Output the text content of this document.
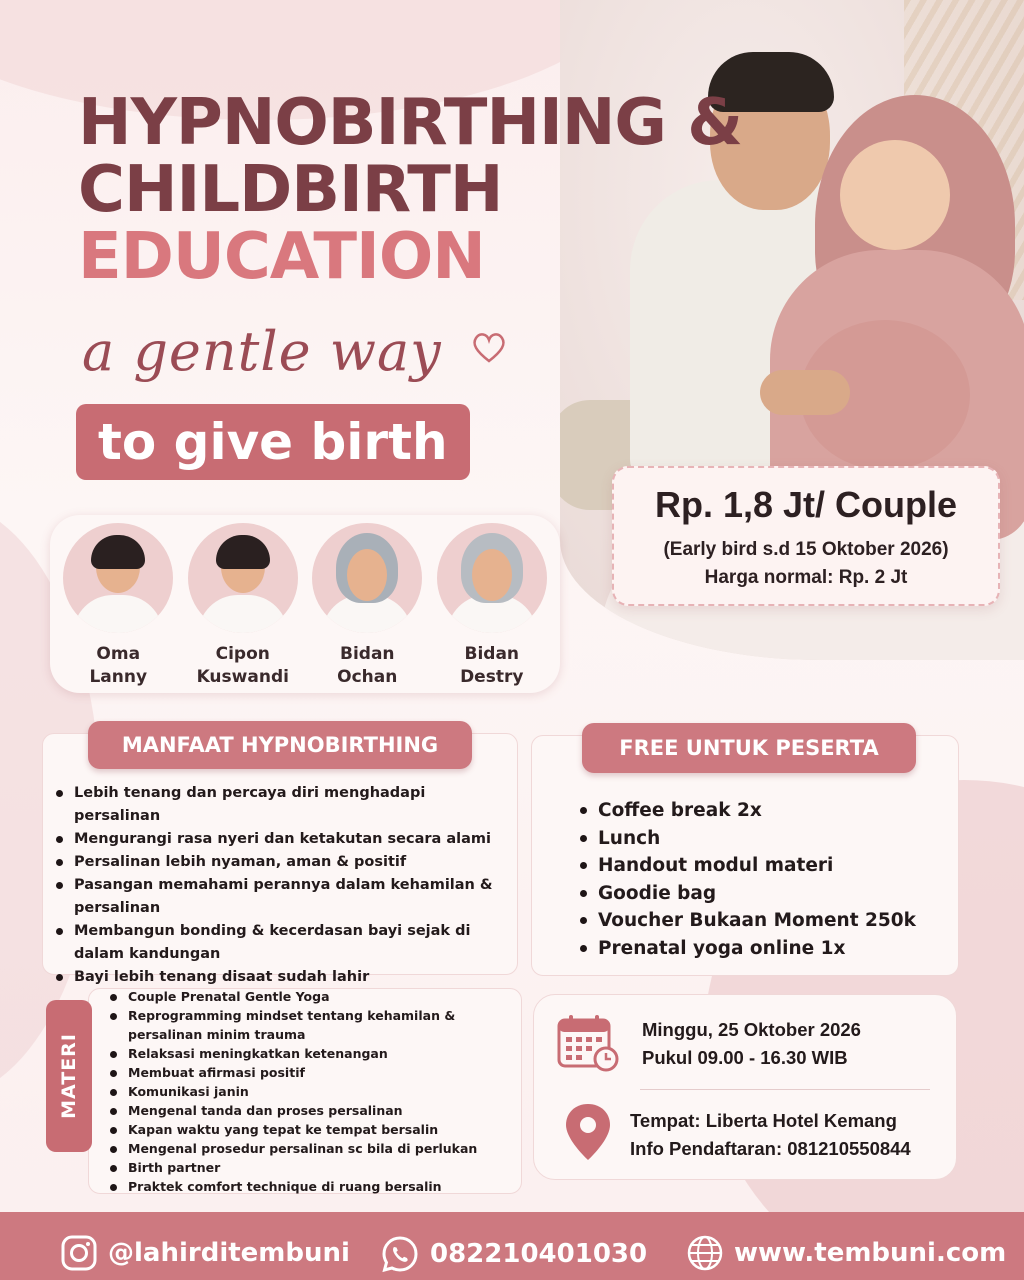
HYPNOBIRTHING &
CHILDBIRTH
EDUCATION
a gentle way
to give birth
Rp. 1,8 Jt/ Couple
(Early bird s.d 15 Oktober 2026)
Harga normal: Rp. 2 Jt
Oma
Lanny
Cipon
Kuswandi
Bidan
Ochan
Bidan
Destry
MANFAAT HYPNOBIRTHING
Lebih tenang dan percaya diri menghadapi persalinan
Mengurangi rasa nyeri dan ketakutan secara alami
Persalinan lebih nyaman, aman & positif
Pasangan memahami perannya dalam kehamilan & persalinan
Membangun bonding & kecerdasan bayi sejak di dalam kandungan
Bayi lebih tenang disaat sudah lahir
FREE UNTUK PESERTA
Coffee break 2x
Lunch
Handout modul materi
Goodie bag
Voucher Bukaan Moment 250k
Prenatal yoga online 1x
MATERI
Couple Prenatal Gentle Yoga
Reprogramming mindset tentang kehamilan & persalinan minim trauma
Relaksasi meningkatkan ketenangan
Membuat afirmasi positif
Komunikasi janin
Mengenal tanda dan proses persalinan
Kapan waktu yang tepat ke tempat bersalin
Mengenal prosedur persalinan sc bila di perlukan
Birth partner
Praktek comfort technique di ruang bersalin
Minggu, 25 Oktober 2026
Pukul 09.00 - 16.30 WIB
Tempat: Liberta Hotel Kemang
Info Pendaftaran: 081210550844
@lahirditembuni	082210401030	www.tembuni.com
